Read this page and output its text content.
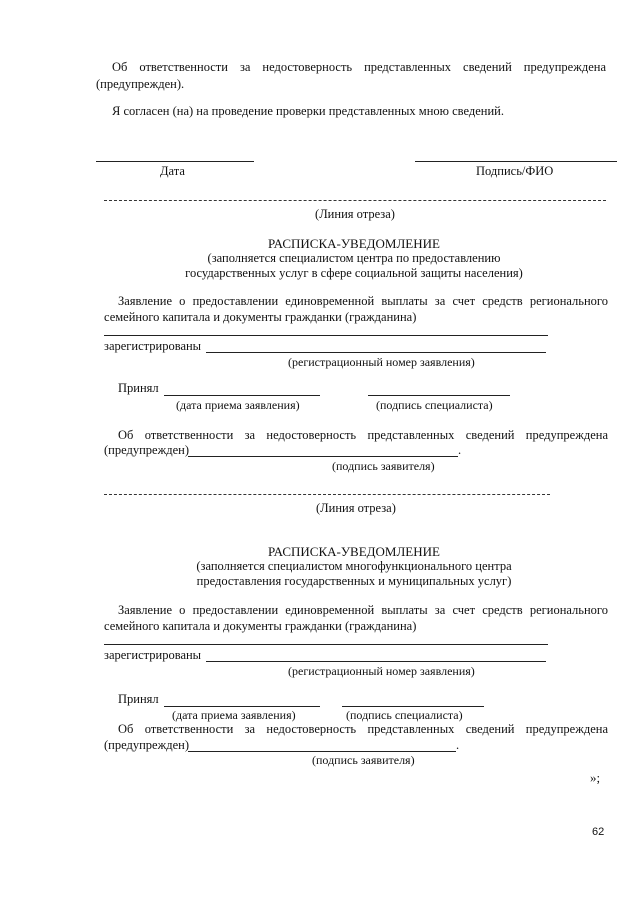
Об ответственности за недостоверность представленных сведений предупреждена
(предупрежден).
Я согласен (на) на проведение проверки представленных мною сведений.
Дата	Подпись/ФИО
(Линия отреза)
РАСПИСКА-УВЕДОМЛЕНИЕ
(заполняется специалистом центра по предоставлению
государственных услуг в сфере социальной защиты населения)
Заявление о предоставлении единовременной выплаты за счет средств регионального
семейного капитала и документы гражданки (гражданина)
зарегистрированы
(регистрационный номер заявления)
Принял
(дата приема заявления)	(подпись специалиста)
Об ответственности за недостоверность представленных сведений предупреждена
(предупрежден)	.
(подпись заявителя)
(Линия отреза)
РАСПИСКА-УВЕДОМЛЕНИЕ
(заполняется специалистом многофункционального центра
предоставления государственных и муниципальных услуг)
Заявление о предоставлении единовременной выплаты за счет средств регионального
семейного капитала и документы гражданки (гражданина)
зарегистрированы
(регистрационный номер заявления)
Принял
(дата приема заявления)	(подпись специалиста)
Об ответственности за недостоверность представленных сведений предупреждена
(предупрежден)	.
(подпись заявителя)
»;
62
